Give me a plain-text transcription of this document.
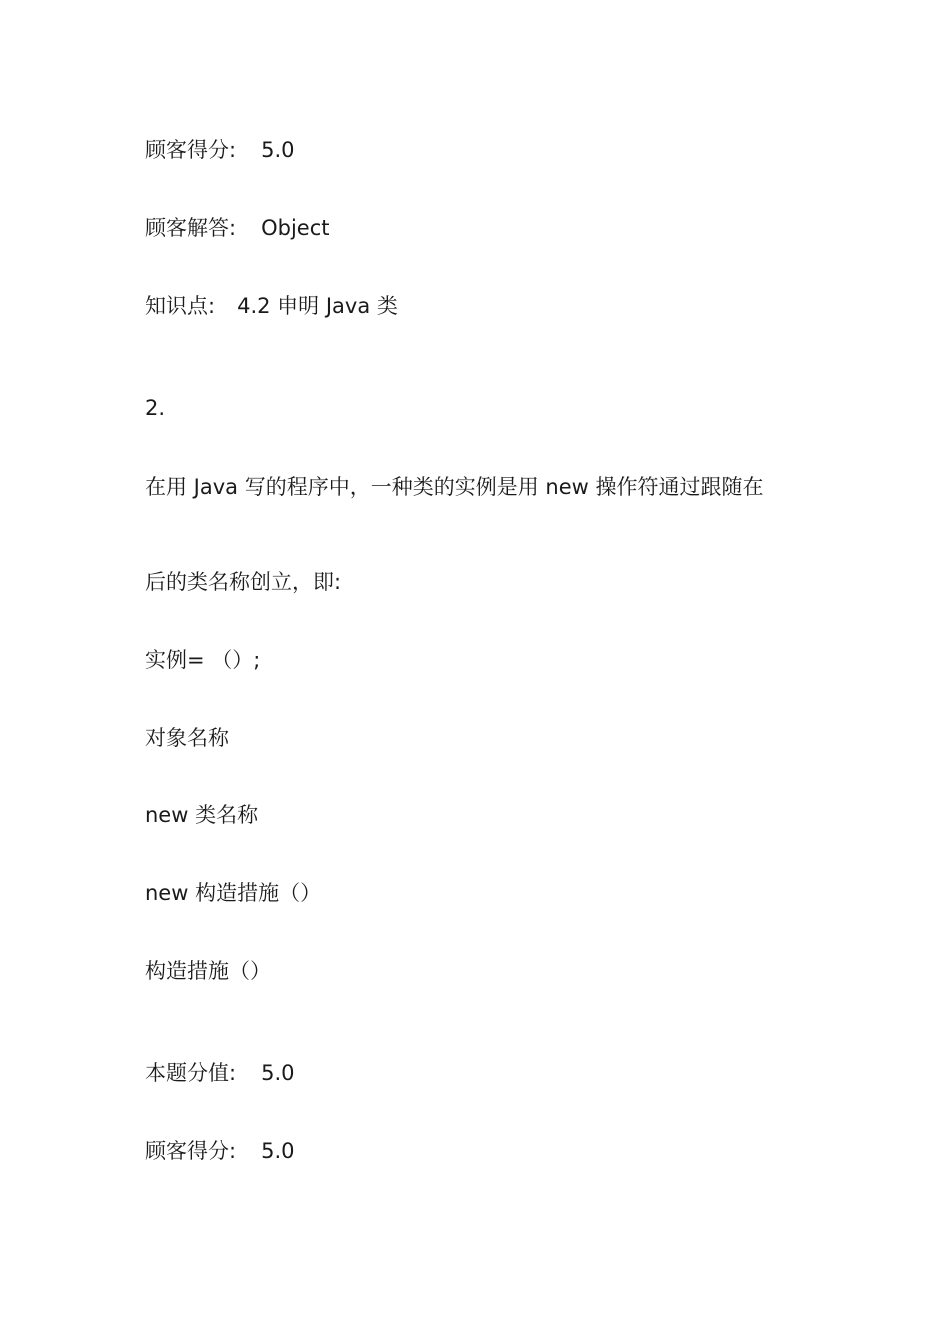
顾客得分: 5.0
顾客解答: Object
知识点: 4.2 申明 Java 类
2.
在用 Java 写的程序中，一种类的实例是用 new 操作符通过跟随在
后的类名称创立，即:
实例= （）;
对象名称
new 类名称
new 构造措施（）
构造措施（）
本题分值: 5.0
顾客得分: 5.0
